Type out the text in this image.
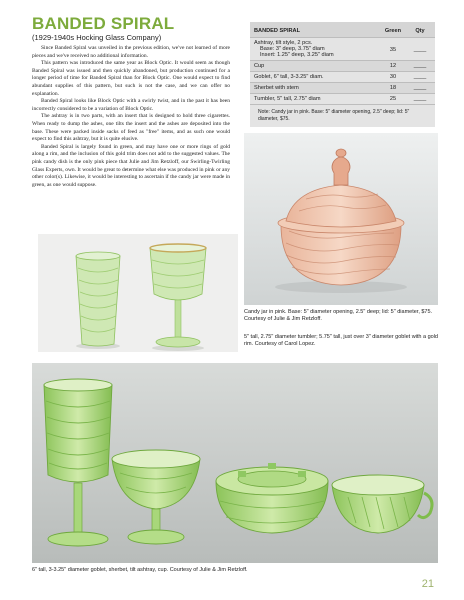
BANDED SPIRAL
(1929-1940s Hocking Glass Company)

Since Banded Spiral was unveiled in the previous edition, we've not learned of more pieces and we've received no additional information.

This pattern was introduced the same year as Block Optic. It would seem as though Banded Spiral was issued and then quickly abandoned, but production continued for a longer period of time for Banded Spiral than for Block Optic. One would expect to find abundant supplies of this pattern, but such is not the case, and we can offer no explanation.

Banded Spiral looks like Block Optic with a swirly twist, and in the past it has been incorrectly considered to be a variation of Block Optic.

The ashtray is in two parts, with an insert that is designed to hold three cigarettes. When ready to dump the ashes, one tilts the insert and the ashes are deposited into the base. These were packed inside sacks of feed as "free" items, and as such one would expect to find this ashtray, but it is quite elusive.

Banded Spiral is largely found in green, and may have one or more rings of gold along a rim, and the inclusion of this gold trim does not add to the suggested values. The pink candy dish is the only pink piece that Julie and Jim Retzloff, our Swirling-Twirling Glass Experts, own. It would be great to determine what else was produced in pink or any other color(s). Likewise, it would be interesting to ascertain if the candy jar were made in green, as one would suppose.

BANDED SPIRAL	Green	Qty
Ashtray, tilt style, 2 pcs.
Base: 3" deep, 3.75" diam
Insert: 1.25" deep, 3.25" diam
35	____
Cup	12	____
Goblet, 6" tall, 3-3.25" diam.	30	____
Sherbet with stem	18	____
Tumbler, 5" tall, 2.75" diam	25	____
Note: Candy jar in pink. Base: 5" diameter opening, 2.5" deep; lid: 5" diameter, $75.
Candy jar in pink. Base: 5" diameter opening, 2.5" deep; lid: 5" diameter, $75. Courtesy of Julie & Jim Retzloff.
5" tall, 2.75" diameter tumbler; 5.75" tall, just over 3" diameter goblet with a gold rim. Courtesy of Carol Lopez.
6" tall, 3-3.25" diameter goblet, sherbet, tilt ashtray, cup. Courtesy of Julie & Jim Retzloff.
21
